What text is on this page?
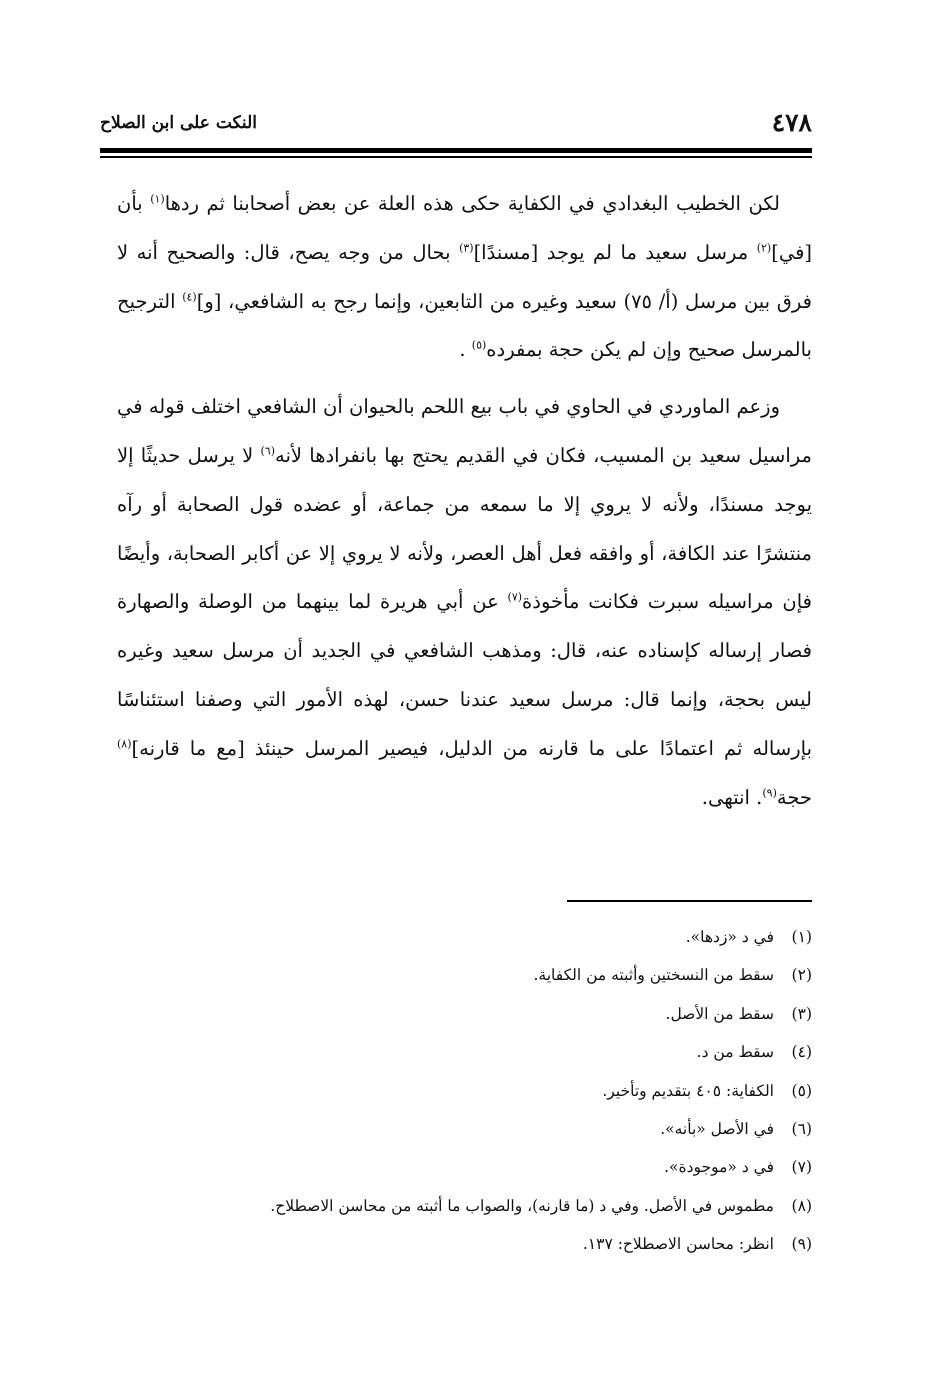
٤٧٨
النكت على ابن الصلاح

لكن الخطيب البغدادي في الكفاية حكى هذه العلة عن بعض أصحابنا ثم ردها$^{(١)}$ بأن [في]$^{(٢)}$ مرسل سعيد ما لم يوجد [مسندًا]$^{(٣)}$ بحال من وجه يصح، قال: والصحيح أنه لا فرق بين مرسل (أ/ ٧٥) سعيد وغيره من التابعين، وإنما رجح به الشافعي، [و]$^{(٤)}$ الترجيح بالمرسل صحيح وإن لم يكن حجة بمفرده$^{(٥)}$ .

وزعم الماوردي في الحاوي في باب بيع اللحم بالحيوان أن الشافعي اختلف قوله في مراسيل سعيد بن المسيب، فكان في القديم يحتج بها بانفرادها لأنه$^{(٦)}$ لا يرسل حديثًا إلا يوجد مسندًا، ولأنه لا يروي إلا ما سمعه من جماعة، أو عضده قول الصحابة أو رآه منتشرًا عند الكافة، أو وافقه فعل أهل العصر، ولأنه لا يروي إلا عن أكابر الصحابة، وأيضًا فإن مراسيله سبرت فكانت مأخوذة$^{(٧)}$ عن أبي هريرة لما بينهما من الوصلة والصهارة فصار إرساله كإسناده عنه، قال: ومذهب الشافعي في الجديد أن مرسل سعيد وغيره ليس بحجة، وإنما قال: مرسل سعيد عندنا حسن، لهذه الأمور التي وصفنا استئناسًا بإرساله ثم اعتمادًا على ما قارنه من الدليل، فيصير المرسل حينئذ [مع ما قارنه]$^{(٨)}$ حجة$^{(٩)}$. انتهى.

(١)في د «زدها».
(٢)سقط من النسختين وأثبته من الكفاية.
(٣)سقط من الأصل.
(٤)سقط من د.
(٥)الكفاية: ٤٠٥ بتقديم وتأخير.
(٦)في الأصل «بأنه».
(٧)في د «موجودة».
(٨)مطموس في الأصل. وفي د (ما قارنه)، والصواب ما أثبته من محاسن الاصطلاح.
(٩)انظر: محاسن الاصطلاح: ١٣٧.
